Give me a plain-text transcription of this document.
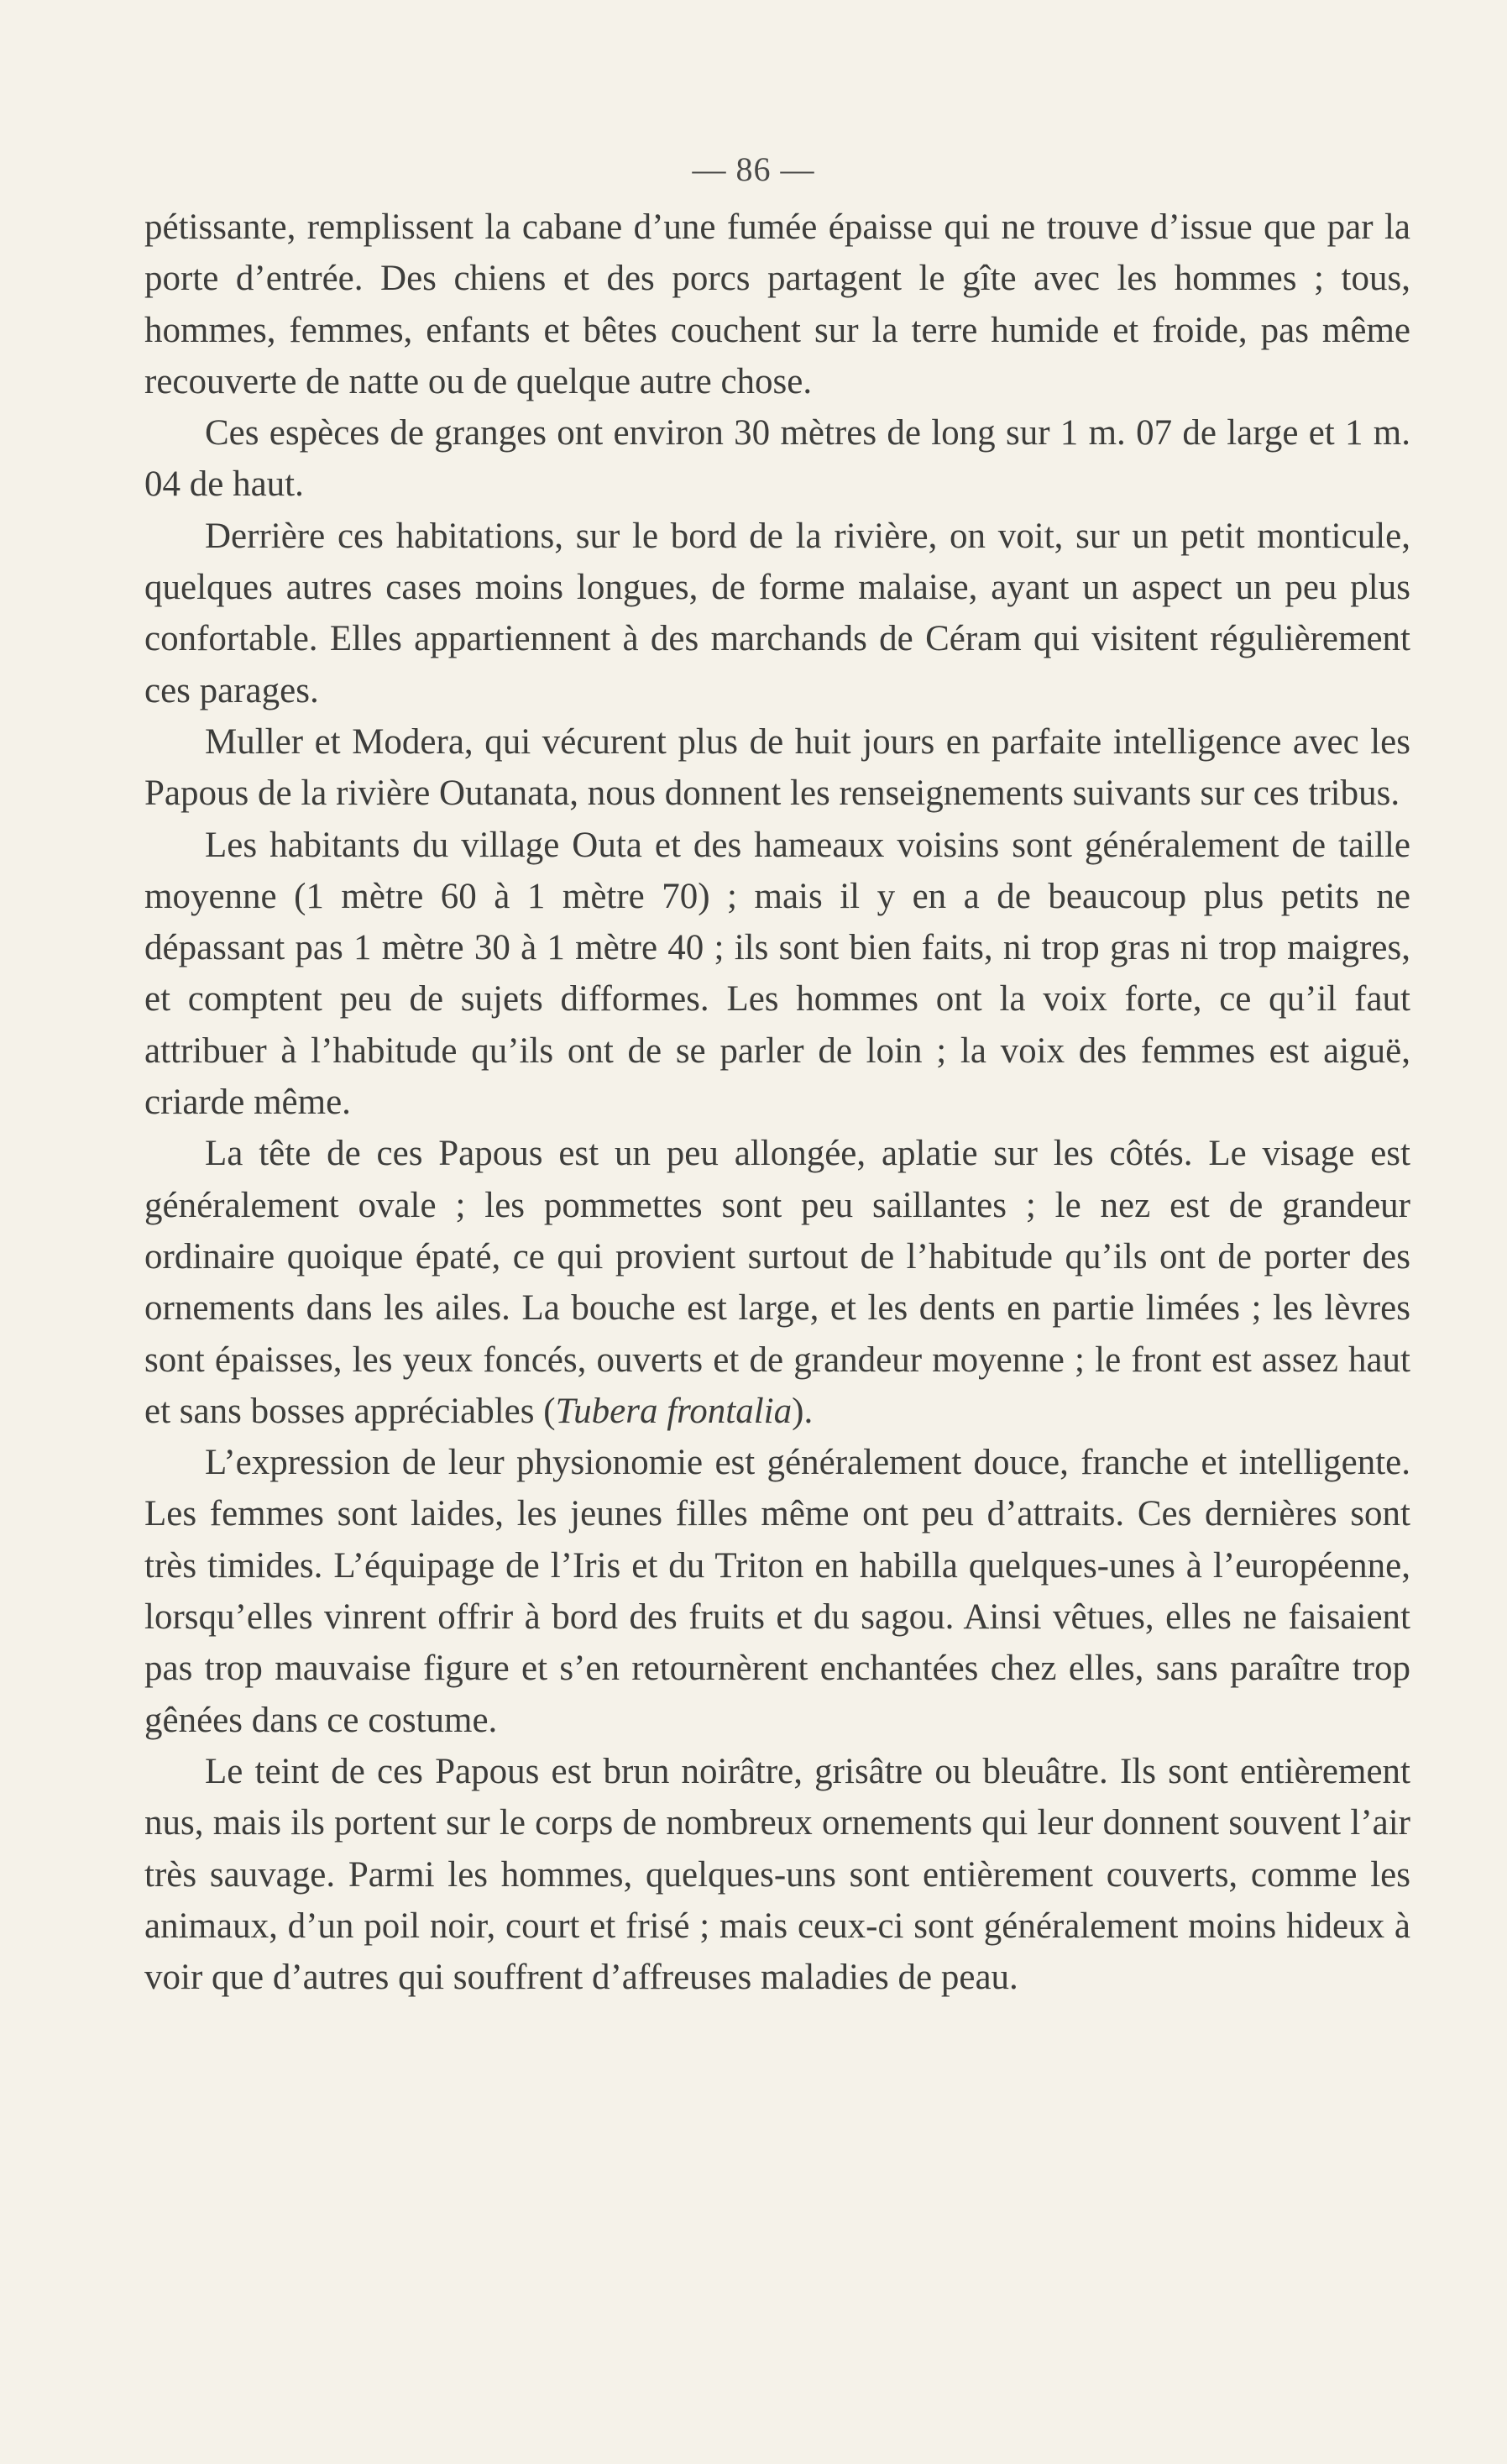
— 86 —

pétissante, remplissent la cabane d’une fumée épaisse qui ne trouve d’issue que par la porte d’entrée. Des chiens et des porcs partagent le gîte avec les hommes ; tous, hommes, femmes, enfants et bêtes couchent sur la terre humide et froide, pas même recouverte de natte ou de quelque autre chose.

Ces espèces de granges ont environ 30 mètres de long sur 1 m. 07 de large et 1 m. 04 de haut.

Derrière ces habitations, sur le bord de la rivière, on voit, sur un petit monticule, quelques autres cases moins longues, de forme malaise, ayant un aspect un peu plus confortable. Elles appartiennent à des marchands de Céram qui visitent régulièrement ces parages.

Muller et Modera, qui vécurent plus de huit jours en parfaite intelligence avec les Papous de la rivière Outanata, nous donnent les renseignements suivants sur ces tribus.

Les habitants du village Outa et des hameaux voisins sont généralement de taille moyenne (1 mètre 60 à 1 mètre 70) ; mais il y en a de beaucoup plus petits ne dépassant pas 1 mètre 30 à 1 mètre 40 ; ils sont bien faits, ni trop gras ni trop maigres, et comptent peu de sujets difformes. Les hommes ont la voix forte, ce qu’il faut attribuer à l’habitude qu’ils ont de se parler de loin ; la voix des femmes est aiguë, criarde même.

La tête de ces Papous est un peu allongée, aplatie sur les côtés. Le visage est généralement ovale ; les pommettes sont peu saillantes ; le nez est de grandeur ordinaire quoique épaté, ce qui provient surtout de l’habitude qu’ils ont de porter des ornements dans les ailes. La bouche est large, et les dents en partie limées ; les lèvres sont épaisses, les yeux foncés, ouverts et de grandeur moyenne ; le front est assez haut et sans bosses appréciables (Tubera frontalia).

L’expression de leur physionomie est généralement douce, franche et intelligente. Les femmes sont laides, les jeunes filles même ont peu d’attraits. Ces dernières sont très timides. L’équipage de l’Iris et du Triton en habilla quelques-unes à l’européenne, lorsqu’elles vinrent offrir à bord des fruits et du sagou. Ainsi vêtues, elles ne faisaient pas trop mauvaise figure et s’en retournèrent enchantées chez elles, sans paraître trop gênées dans ce costume.

Le teint de ces Papous est brun noirâtre, grisâtre ou bleuâtre. Ils sont entièrement nus, mais ils portent sur le corps de nombreux ornements qui leur donnent souvent l’air très sauvage. Parmi les hommes, quelques-uns sont entièrement couverts, comme les animaux, d’un poil noir, court et frisé ; mais ceux-ci sont généralement moins hideux à voir que d’autres qui souffrent d’affreuses maladies de peau.
